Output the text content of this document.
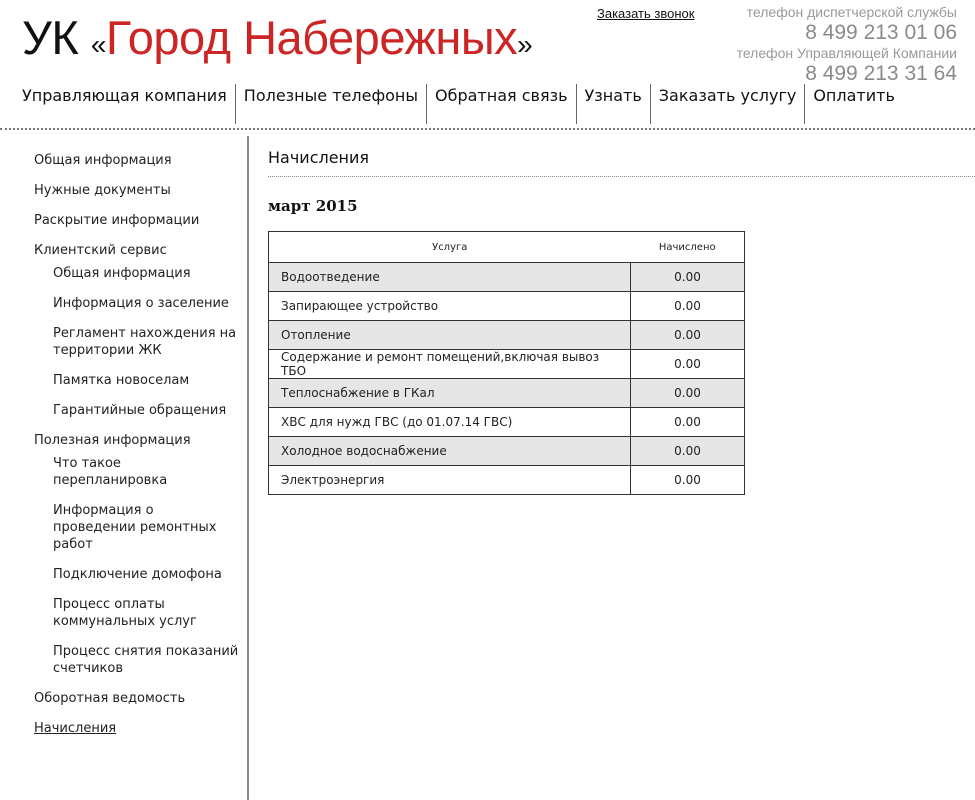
УК «Город Набережных»
Заказать звонок	телефон диспетчерской службы
8 499 213 01 06
телефон Управляющей Компании
8 499 213 31 64
Управляющая компания	Полезные телефоны	Обратная связь	Узнать	Заказать услугу	Оплатить
Общая информация
Нужные документы
Раскрытие информации
Клиентский сервис
Общая информация
Информация о заселение
Регламент нахождения на территории ЖК
Памятка новоселам
Гарантийные обращения
Полезная информация
Что такое перепланировка
Информация о проведении ремонтных работ
Подключение домофона
Процесс оплаты коммунальных услуг
Процесс снятия показаний счетчиков
Оборотная ведомость
Начисления
Начисления
март 2015
Услуга	Начислено
Водоотведение	0.00
Запирающее устройство	0.00
Отопление	0.00
Содержание и ремонт помещений,включая вывоз ТБО	0.00
Теплоснабжение в ГКал	0.00
ХВС для нужд ГВС (до 01.07.14 ГВС)	0.00
Холодное водоснабжение	0.00
Электроэнергия	0.00
